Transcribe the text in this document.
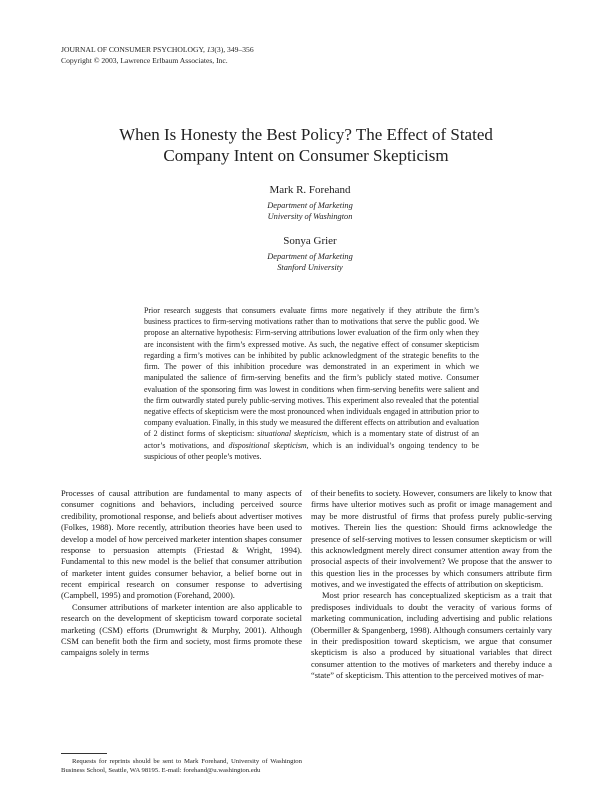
JOURNAL OF CONSUMER PSYCHOLOGY, 13(3), 349–356
Copyright © 2003, Lawrence Erlbaum Associates, Inc.
When Is Honesty the Best Policy? The Effect of Stated
Company Intent on Consumer Skepticism
Mark R. Forehand
Department of Marketing
University of Washington
Sonya Grier
Department of Marketing
Stanford University

Prior research suggests that consumers evaluate firms more negatively if they attribute the firm’s business practices to firm-serving motivations rather than to motivations that serve the public good. We propose an alternative hypothesis: Firm-serving attributions lower evaluation of the firm only when they are inconsistent with the firm’s expressed motive. As such, the negative effect of consumer skepticism regarding a firm’s motives can be inhibited by public acknowledgment of the strategic benefits to the firm. The power of this inhibition procedure was demonstrated in an experiment in which we manipulated the salience of firm-serving benefits and the firm’s publicly stated motive. Consumer evaluation of the sponsoring firm was lowest in conditions when firm-serving benefits were salient and the firm outwardly stated purely public-serving motives. This experiment also revealed that the potential negative effects of skepticism were the most pronounced when individuals engaged in attribution prior to company evaluation. Finally, in this study we measured the different effects on attribution and evaluation of 2 distinct forms of skepticism: situational skepticism, which is a momentary state of distrust of an actor’s motivations, and dispositional skepticism, which is an individual’s ongoing tendency to be suspicious of other people’s motives.

Processes of causal attribution are fundamental to many aspects of consumer cognitions and behaviors, including perceived source credibility, promotional response, and beliefs about advertiser motives (Folkes, 1988). More recently, attribution theories have been used to develop a model of how perceived marketer intention shapes consumer response to persuasion attempts (Friestad & Wright, 1994). Fundamental to this new model is the belief that consumer attribution of marketer intent guides consumer behavior, a belief borne out in recent empirical research on consumer response to advertising (Campbell, 1995) and promotion (Forehand, 2000).

Consumer attributions of marketer intention are also applicable to research on the development of skepticism toward corporate societal marketing (CSM) efforts (Drumwright & Murphy, 2001). Although CSM can benefit both the firm and society, most firms promote these campaigns solely in terms

of their benefits to society. However, consumers are likely to know that firms have ulterior motives such as profit or image management and may be more distrustful of firms that profess purely public-serving motives. Therein lies the question: Should firms acknowledge the presence of self-serving motives to lessen consumer skepticism or will this acknowledgment merely direct consumer attention away from the prosocial aspects of their involvement? We propose that the answer to this question lies in the processes by which consumers attribute firm motives, and we investigated the effects of attribution on skepticism.

Most prior research has conceptualized skepticism as a trait that predisposes individuals to doubt the veracity of various forms of marketing communication, including advertising and public relations (Obermiller & Spangenberg, 1998). Although consumers certainly vary in their predisposition toward skepticism, we argue that consumer skepticism is also a produced by situational variables that direct consumer attention to the motives of marketers and thereby induce a “state” of skepticism. This attention to the perceived motives of mar-

Requests for reprints should be sent to Mark Forehand, University of Washington Business School, Seattle, WA 98195. E-mail: forehand@u.washington.edu
